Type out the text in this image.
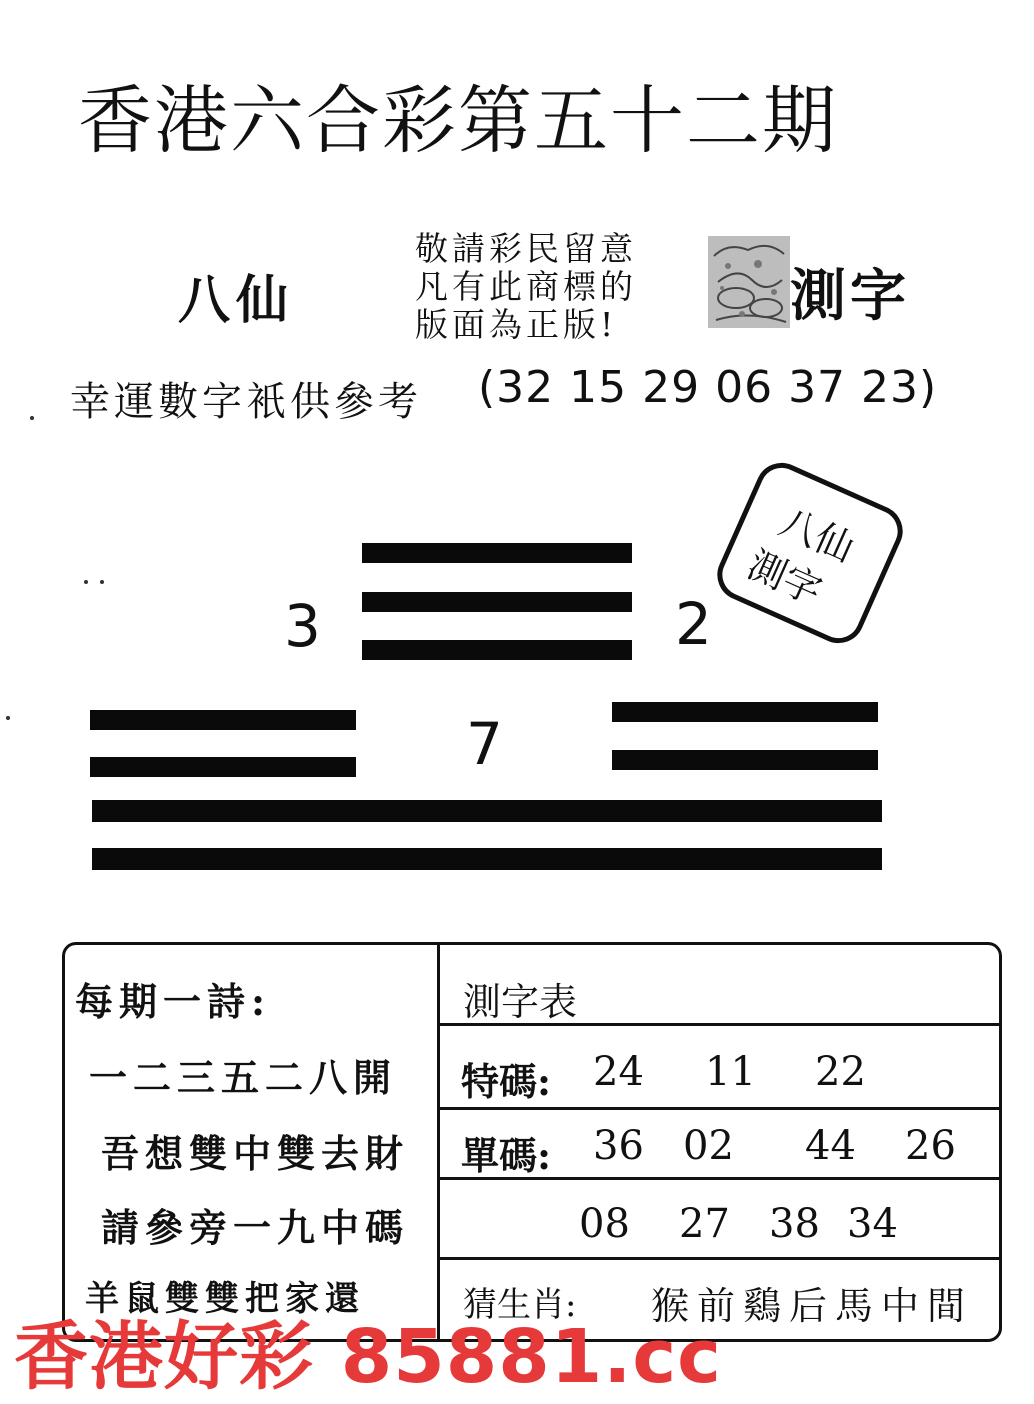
香港六合彩第五十二期
八仙
敬請彩民留意
凡有此商標的
版面為正版!	測字
幸運數字衹供參考 (32 15 29 06 37 23)
3	2
7
八仙
測字
每期一詩:
一二三五二八開
吾想雙中雙去財
請參旁一九中碼
羊鼠雙雙把家還
測字表
特碼: 24 11 22
單碼: 36 02 44 26
08 27 38 34
猜生肖: 猴前鷄后馬中間
香港好彩 85881.cc
